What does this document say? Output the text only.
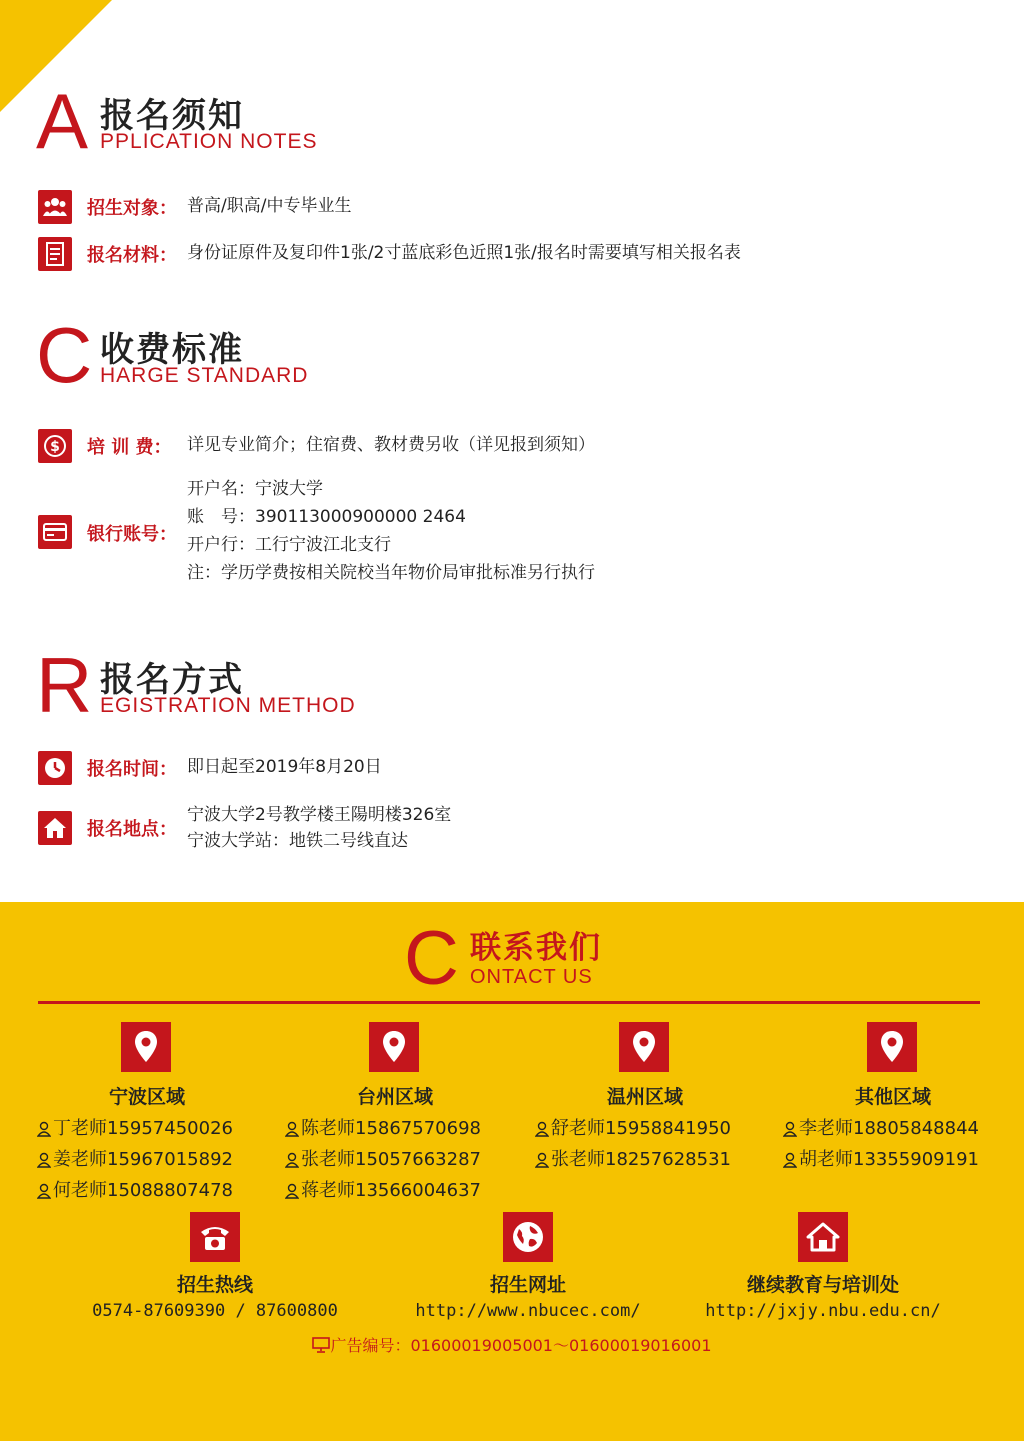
A 报名须知
PPLICATION NOTES
招生对象： 普高/职高/中专毕业生
报名材料： 身份证原件及复印件1张/2寸蓝底彩色近照1张/报名时需要填写相关报名表
C 收费标准
HARGE STANDARD
$ 培 训 费： 详见专业简介；住宿费、教材费另收（详见报到须知）
银行账号：
开户名：宁波大学
账　号：390113000900000 2464
开户行：工行宁波江北支行
注：学历学费按相关院校当年物价局审批标准另行执行
R 报名方式
EGISTRATION METHOD
报名时间： 即日起至2019年8月20日
报名地点：
宁波大学2号教学楼王陽明楼326室
宁波大学站：地铁二号线直达
C 联系我们
ONTACT US
宁波区域
丁老师15957450026
姜老师15967015892
何老师15088807478
台州区域
陈老师15867570698
张老师15057663287
蒋老师13566004637
温州区域
舒老师15958841950
张老师18257628531
其他区域
李老师18805848844
胡老师13355909191
招生热线
0574-87609390 / 87600800
招生网址
http://www.nbucec.com/
继续教育与培训处
http://jxjy.nbu.edu.cn/
广告编号：01600019005001～01600019016001
